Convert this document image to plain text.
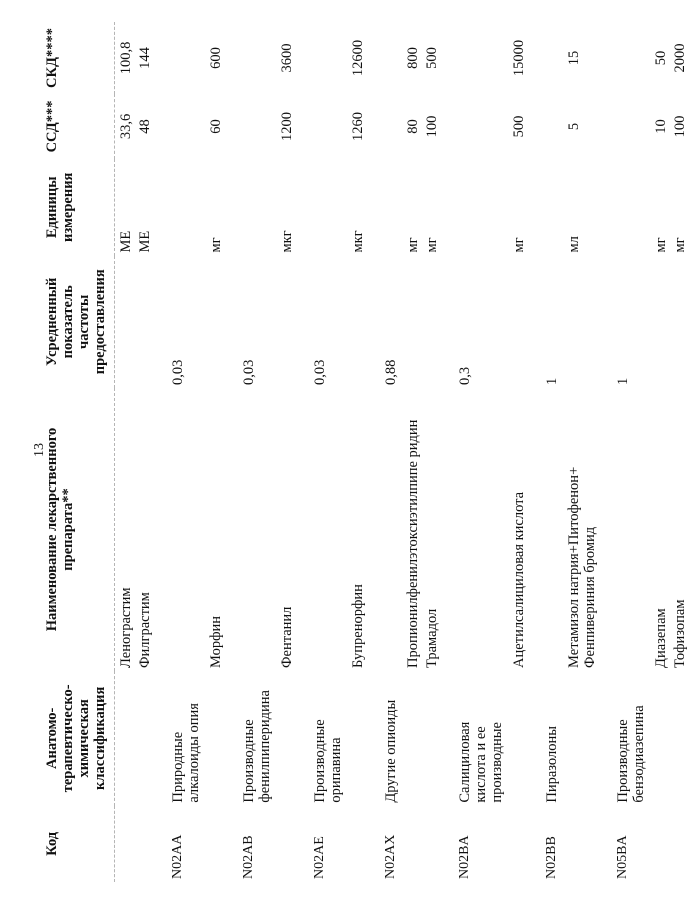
13
Код	Анатомо-терапевтическо-химическая классификация	Наименование лекарственного препарата**	Усредненный показатель частоты предоставления	Единицы измерения	ССД***	СКД****
		Ленограстим		МЕ	33,6	100,8
		Филграстим		МЕ	48	144
N02AA	Природные алкалоиды опия		0,03			
		Морфин		мг	60	600
N02AB	Производные фенилпиперидина		0,03			
		Фентанил		мкг	1200	3600
N02AE	Производные орипавина		0,03			
		Бупренорфин		мкг	1260	12600
N02AX	Другие опиоиды		0,88			
		Пропионилфенилэтоксиэтилпипе ридин		мг	80	800
		Трамадол		мг	100	500
N02BA	Салициловая кислота и ее производные		0,3			
		Ацетилсалициловая кислота		мг	500	15000
N02BB	Пиразолоны		1			
		Метамизол натрия+Питофенон+ Фенпивериния бромид		мл	5	15
N05BA	Производные бензодиазепина		1			
		Диазепам		мг	10	50
		Тофизопам		мг	100	2000
